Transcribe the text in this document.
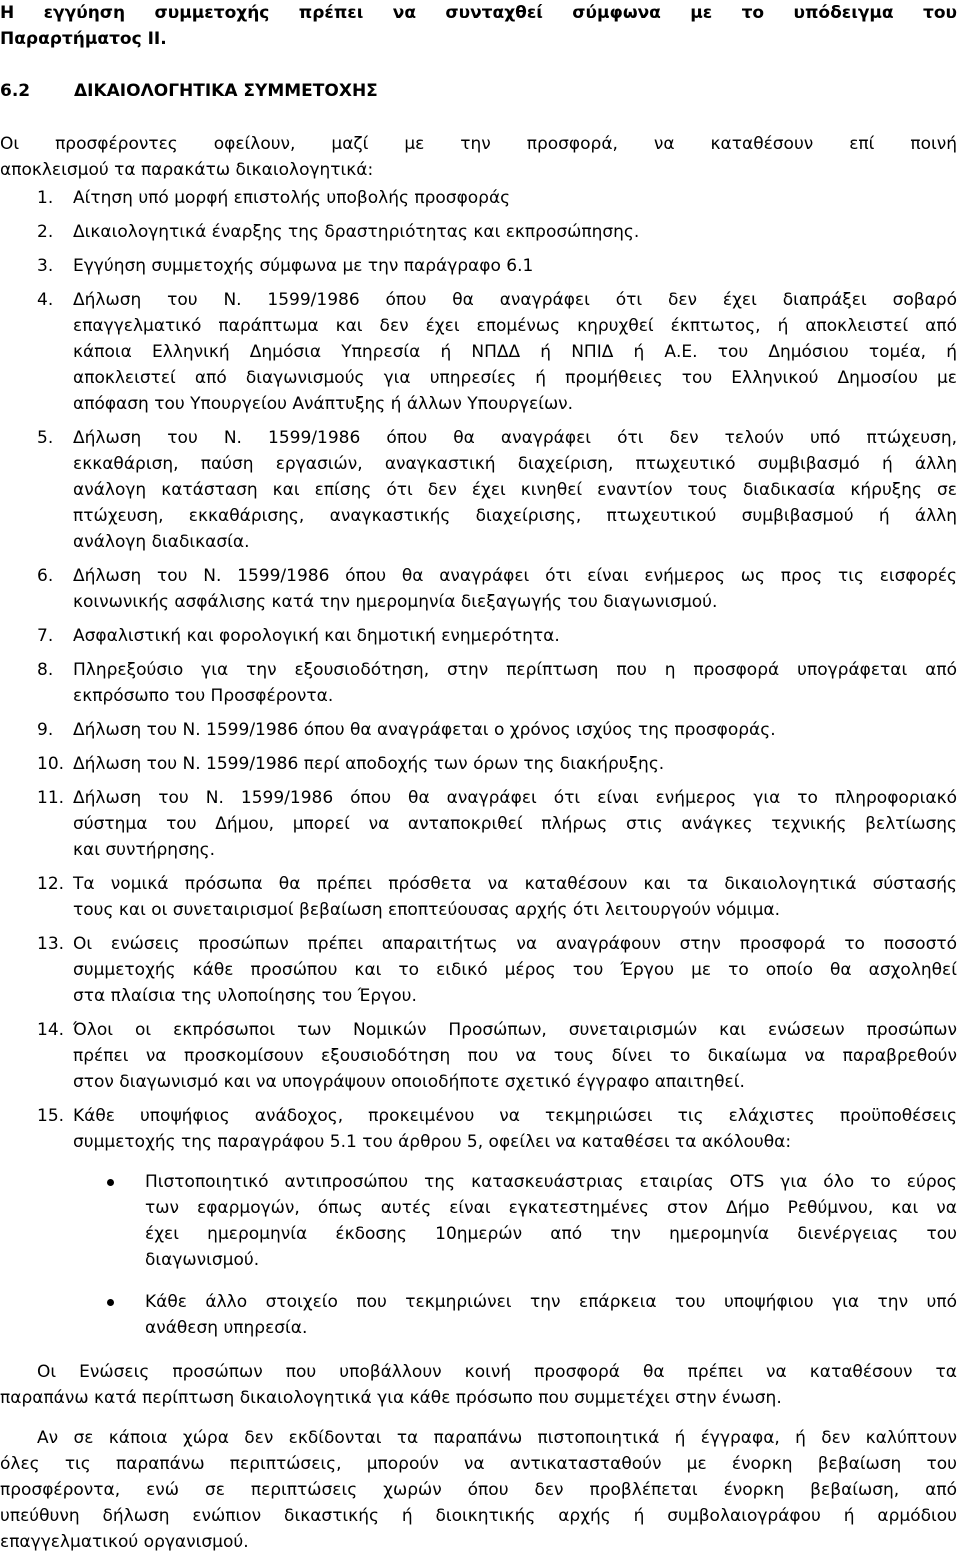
Η εγγύηση συμμετοχής πρέπει να συνταχθεί σύμφωνα με το υπόδειγμα του
Παραρτήματος ΙΙ.
6.2	ΔΙΚΑΙΟΛΟΓΗΤΙΚΑ ΣΥΜΜΕΤΟΧΗΣ
Οι προσφέροντες οφείλουν, μαζί με την προσφορά, να καταθέσουν επί ποινή
αποκλεισμού τα παρακάτω δικαιολογητικά:
1. Αίτηση υπό μορφή επιστολής υποβολής προσφοράς
2. Δικαιολογητικά έναρξης της δραστηριότητας και εκπροσώπησης.
3. Εγγύηση συμμετοχής σύμφωνα με την παράγραφο 6.1
4. Δήλωση του Ν. 1599/1986 όπου θα αναγράφει ότι δεν έχει διαπράξει σοβαρό
επαγγελματικό παράπτωμα και δεν έχει επομένως κηρυχθεί έκπτωτος, ή αποκλειστεί από
κάποια Ελληνική Δημόσια Υπηρεσία ή ΝΠΔΔ ή ΝΠΙΔ ή Α.Ε. του Δημόσιου τομέα, ή
αποκλειστεί από διαγωνισμούς για υπηρεσίες ή προμήθειες του Ελληνικού Δημοσίου με
απόφαση του Υπουργείου Ανάπτυξης ή άλλων Υπουργείων.
5. Δήλωση του Ν. 1599/1986 όπου θα αναγράφει ότι δεν τελούν υπό πτώχευση,
εκκαθάριση, παύση εργασιών, αναγκαστική διαχείριση, πτωχευτικό συμβιβασμό ή άλλη
ανάλογη κατάσταση και επίσης ότι δεν έχει κινηθεί εναντίον τους διαδικασία κήρυξης σε
πτώχευση, εκκαθάρισης, αναγκαστικής διαχείρισης, πτωχευτικού συμβιβασμού ή άλλη
ανάλογη διαδικασία.
6. Δήλωση του Ν. 1599/1986 όπου θα αναγράφει ότι είναι ενήμερος ως προς τις εισφορές
κοινωνικής ασφάλισης κατά την ημερομηνία διεξαγωγής του διαγωνισμού.
7. Ασφαλιστική και φορολογική και δημοτική ενημερότητα.
8. Πληρεξούσιο για την εξουσιοδότηση, στην περίπτωση που η προσφορά υπογράφεται από
εκπρόσωπο του Προσφέροντα.
9. Δήλωση του Ν. 1599/1986 όπου θα αναγράφεται ο χρόνος ισχύος της προσφοράς.
10. Δήλωση του Ν. 1599/1986 περί αποδοχής των όρων της διακήρυξης.
11. Δήλωση του Ν. 1599/1986 όπου θα αναγράφει ότι είναι ενήμερος για το πληροφοριακό
σύστημα του Δήμου, μπορεί να ανταποκριθεί πλήρως στις ανάγκες τεχνικής βελτίωσης
και συντήρησης.
12. Τα νομικά πρόσωπα θα πρέπει πρόσθετα να καταθέσουν και τα δικαιολογητικά σύστασής
τους και οι συνεταιρισμοί βεβαίωση εποπτεύουσας αρχής ότι λειτουργούν νόμιμα.
13. Οι ενώσεις προσώπων πρέπει απαραιτήτως να αναγράφουν στην προσφορά το ποσοστό
συμμετοχής κάθε προσώπου και το ειδικό μέρος του Έργου με το οποίο θα ασχοληθεί
στα πλαίσια της υλοποίησης του Έργου.
14. Όλοι οι εκπρόσωποι των Νομικών Προσώπων, συνεταιρισμών και ενώσεων προσώπων
πρέπει να προσκομίσουν εξουσιοδότηση που να τους δίνει το δικαίωμα να παραβρεθούν
στον διαγωνισμό και να υπογράψουν οποιοδήποτε σχετικό έγγραφο απαιτηθεί.
15. Κάθε υποψήφιος ανάδοχος, προκειμένου να τεκμηριώσει τις ελάχιστες προϋποθέσεις
συμμετοχής της παραγράφου 5.1 του άρθρου 5, οφείλει να καταθέσει τα ακόλουθα:
Πιστοποιητικό αντιπροσώπου της κατασκευάστριας εταιρίας OTS για όλο το εύρος
των εφαρμογών, όπως αυτές είναι εγκατεστημένες στον Δήμο Ρεθύμνου, και να
έχει ημερομηνία έκδοσης 10ημερών από την ημερομηνία διενέργειας του
διαγωνισμού.
Κάθε άλλο στοιχείο που τεκμηριώνει την επάρκεια του υποψήφιου για την υπό
ανάθεση υπηρεσία.
Οι Ενώσεις προσώπων που υποβάλλουν κοινή προσφορά θα πρέπει να καταθέσουν τα
παραπάνω κατά περίπτωση δικαιολογητικά για κάθε πρόσωπο που συμμετέχει στην ένωση.
Αν σε κάποια χώρα δεν εκδίδονται τα παραπάνω πιστοποιητικά ή έγγραφα, ή δεν καλύπτουν
όλες τις παραπάνω περιπτώσεις, μπορούν να αντικατασταθούν με ένορκη βεβαίωση του
προσφέροντα, ενώ σε περιπτώσεις χωρών όπου δεν προβλέπεται ένορκη βεβαίωση, από
υπεύθυνη δήλωση ενώπιον δικαστικής ή διοικητικής αρχής ή συμβολαιογράφου ή αρμόδιου
επαγγελματικού οργανισμού.
